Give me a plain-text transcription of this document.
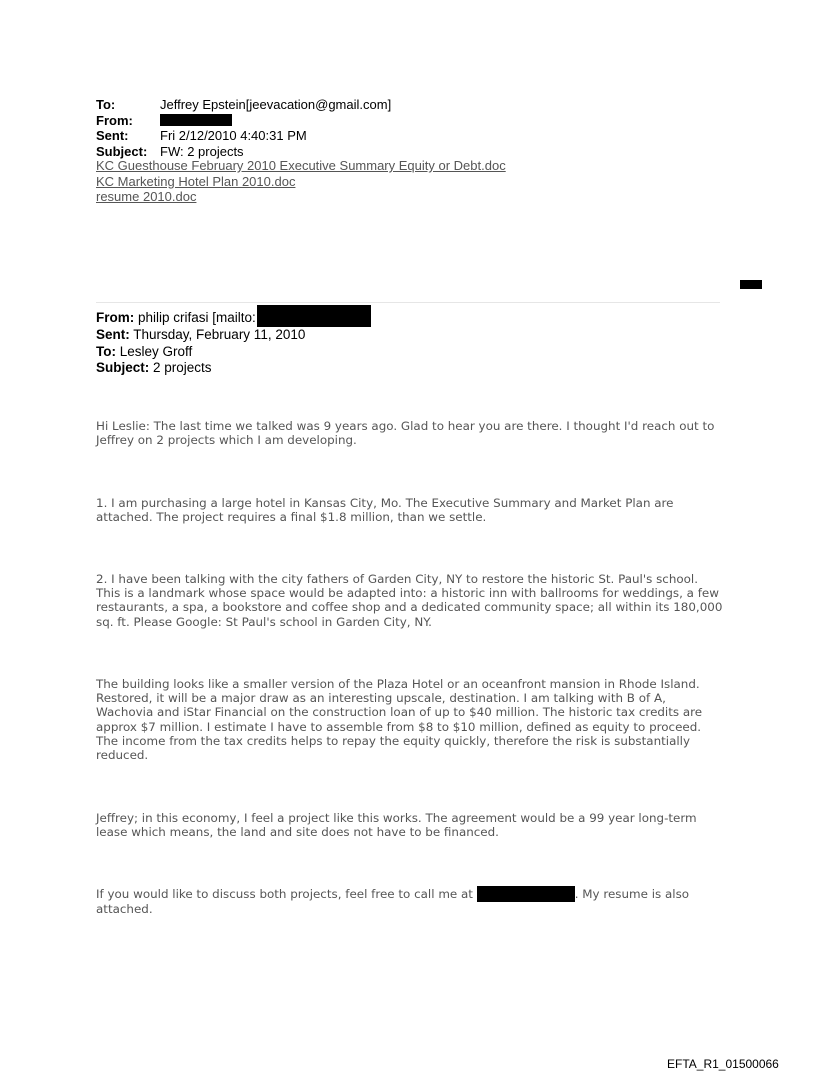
To:	Jeffrey Epstein[jeevacation@gmail.com]
From:
Sent: Fri 2/12/2010 4:40:31 PM
Subject: FW: 2 projects
KC Guesthouse February 2010 Executive Summary Equity or Debt.doc
KC Marketing Hotel Plan 2010.doc
resume 2010.doc
From: philip crifasi [mailto:
Sent: Thursday, February 11, 2010
To: Lesley Groff
Subject: 2 projects

Hi Leslie: The last time we talked was 9 years ago. Glad to hear you are there. I thought I'd reach out to Jeffrey on 2 projects which I am developing.

1. I am purchasing a large hotel in Kansas City, Mo. The Executive Summary and Market Plan are attached. The project requires a final $1.8 million, than we settle.

2. I have been talking with the city fathers of Garden City, NY to restore the historic St. Paul's school. This is a landmark whose space would be adapted into: a historic inn with ballrooms for weddings, a few restaurants, a spa, a bookstore and coffee shop and a dedicated community space; all within its 180,000 sq. ft. Please Google: St Paul's school in Garden City, NY.

The building looks like a smaller version of the Plaza Hotel or an oceanfront mansion in Rhode Island. Restored, it will be a major draw as an interesting upscale, destination. I am talking with B of A, Wachovia and iStar Financial on the construction loan of up to $40 million. The historic tax credits are approx $7 million. I estimate I have to assemble from $8 to $10 million, defined as equity to proceed. The income from the tax credits helps to repay the equity quickly, therefore the risk is substantially reduced.

Jeffrey; in this economy, I feel a project like this works. The agreement would be a 99 year long-term lease which means, the land and site does not have to be financed.

If you would like to discuss both projects, feel free to call me at	. My resume is also attached.

EFTA_R1_01500066
